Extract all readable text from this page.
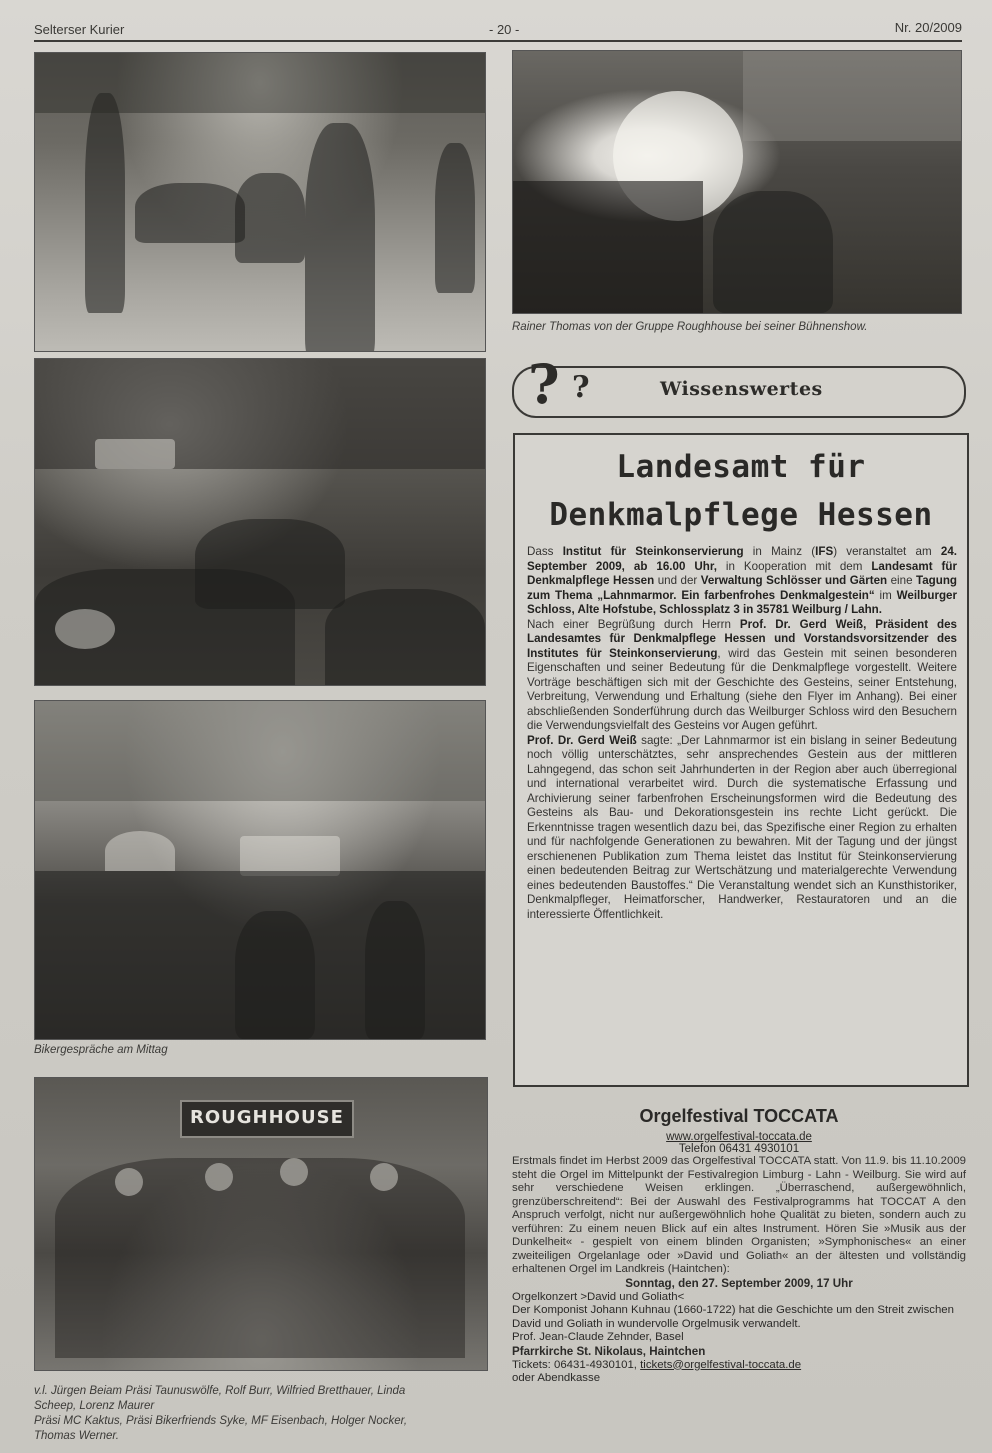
Selterser Kurier	- 20 -	Nr. 20/2009
Bikergespräche am Mittag
ROUGHHOUSE
v.l. Jürgen Beiam Präsi Taunuswölfe, Rolf Burr, Wilfried Bretthauer, Linda
Scheep, Lorenz Maurer
Präsi MC Kaktus, Präsi Bikerfriends Syke, MF Eisenbach, Holger Nocker,
Thomas Werner.
Rainer Thomas von der Gruppe Roughhouse bei seiner Bühnenshow.
? ?	Wissenswertes
Landesamt für
Denkmalpflege Hessen
Dass Institut für Steinkonservierung in Mainz (IFS) veranstaltet am 24. September 2009, ab 16.00 Uhr, in Kooperation mit dem Landesamt für Denkmalpflege Hessen und der Verwaltung Schlösser und Gärten eine Tagung zum Thema „Lahnmarmor. Ein farbenfrohes Denkmalgestein“ im Weilburger Schloss, Alte Hofstube, Schlossplatz 3 in 35781 Weilburg / Lahn.
Nach einer Begrüßung durch Herrn Prof. Dr. Gerd Weiß, Präsident des Landesamtes für Denkmalpflege Hessen und Vorstandsvorsitzender des Institutes für Steinkonservierung, wird das Gestein mit seinen besonderen Eigenschaften und seiner Bedeutung für die Denkmalpflege vorgestellt. Weitere Vorträge beschäftigen sich mit der Geschichte des Gesteins, seiner Entstehung, Verbreitung, Verwendung und Erhaltung (siehe den Flyer im Anhang). Bei einer abschließenden Sonderführung durch das Weilburger Schloss wird den Besuchern die Verwendungsvielfalt des Gesteins vor Augen geführt.
Prof. Dr. Gerd Weiß sagte: „Der Lahnmarmor ist ein bislang in seiner Bedeutung noch völlig unterschätztes, sehr ansprechendes Gestein aus der mittleren Lahngegend, das schon seit Jahrhunderten in der Region aber auch überregional und international verarbeitet wird. Durch die systematische Erfassung und Archivierung seiner farbenfrohen Erscheinungsformen wird die Bedeutung des Gesteins als Bau- und Dekorationsgestein ins rechte Licht gerückt. Die Erkenntnisse tragen wesentlich dazu bei, das Spezifische einer Region zu erhalten und für nachfolgende Generationen zu bewahren. Mit der Tagung und der jüngst erschienenen Publikation zum Thema leistet das Institut für Steinkonservierung einen bedeutenden Beitrag zur Wertschätzung und materialgerechte Verwendung eines bedeutenden Baustoffes.“ Die Veranstaltung wendet sich an Kunsthistoriker, Denkmalpfleger, Heimatforscher, Handwerker, Restauratoren und an die interessierte Öffentlichkeit.
Orgelfestival TOCCATA
www.orgelfestival-toccata.de
Telefon 06431 4930101
Erstmals findet im Herbst 2009 das Orgelfestival TOCCATA statt. Von 11.9. bis 11.10.2009 steht die Orgel im Mittelpunkt der Festivalregion Limburg - Lahn - Weilburg. Sie wird auf sehr verschiedene Weisen erklingen. „Überraschend, außergewöhnlich, grenzüberschreitend“: Bei der Auswahl des Festivalprogramms hat TOCCAT A den Anspruch verfolgt, nicht nur außergewöhnlich hohe Qualität zu bieten, sondern auch zu verführen: Zu einem neuen Blick auf ein altes Instrument. Hören Sie »Musik aus der Dunkelheit« - gespielt von einem blinden Organisten; »Symphonisches« an einer zweiteiligen Orgelanlage oder »David und Goliath« an der ältesten und vollständig erhaltenen Orgel im Landkreis (Haintchen):
Sonntag, den 27. September 2009, 17 Uhr
Orgelkonzert >David und Goliath<
Der Komponist Johann Kuhnau (1660-1722) hat die Geschichte um den Streit zwischen David und Goliath in wundervolle Orgelmusik verwandelt.
Prof. Jean-Claude Zehnder, Basel
Pfarrkirche St. Nikolaus, Haintchen
Tickets: 06431-4930101, tickets@orgelfestival-toccata.de
oder Abendkasse
